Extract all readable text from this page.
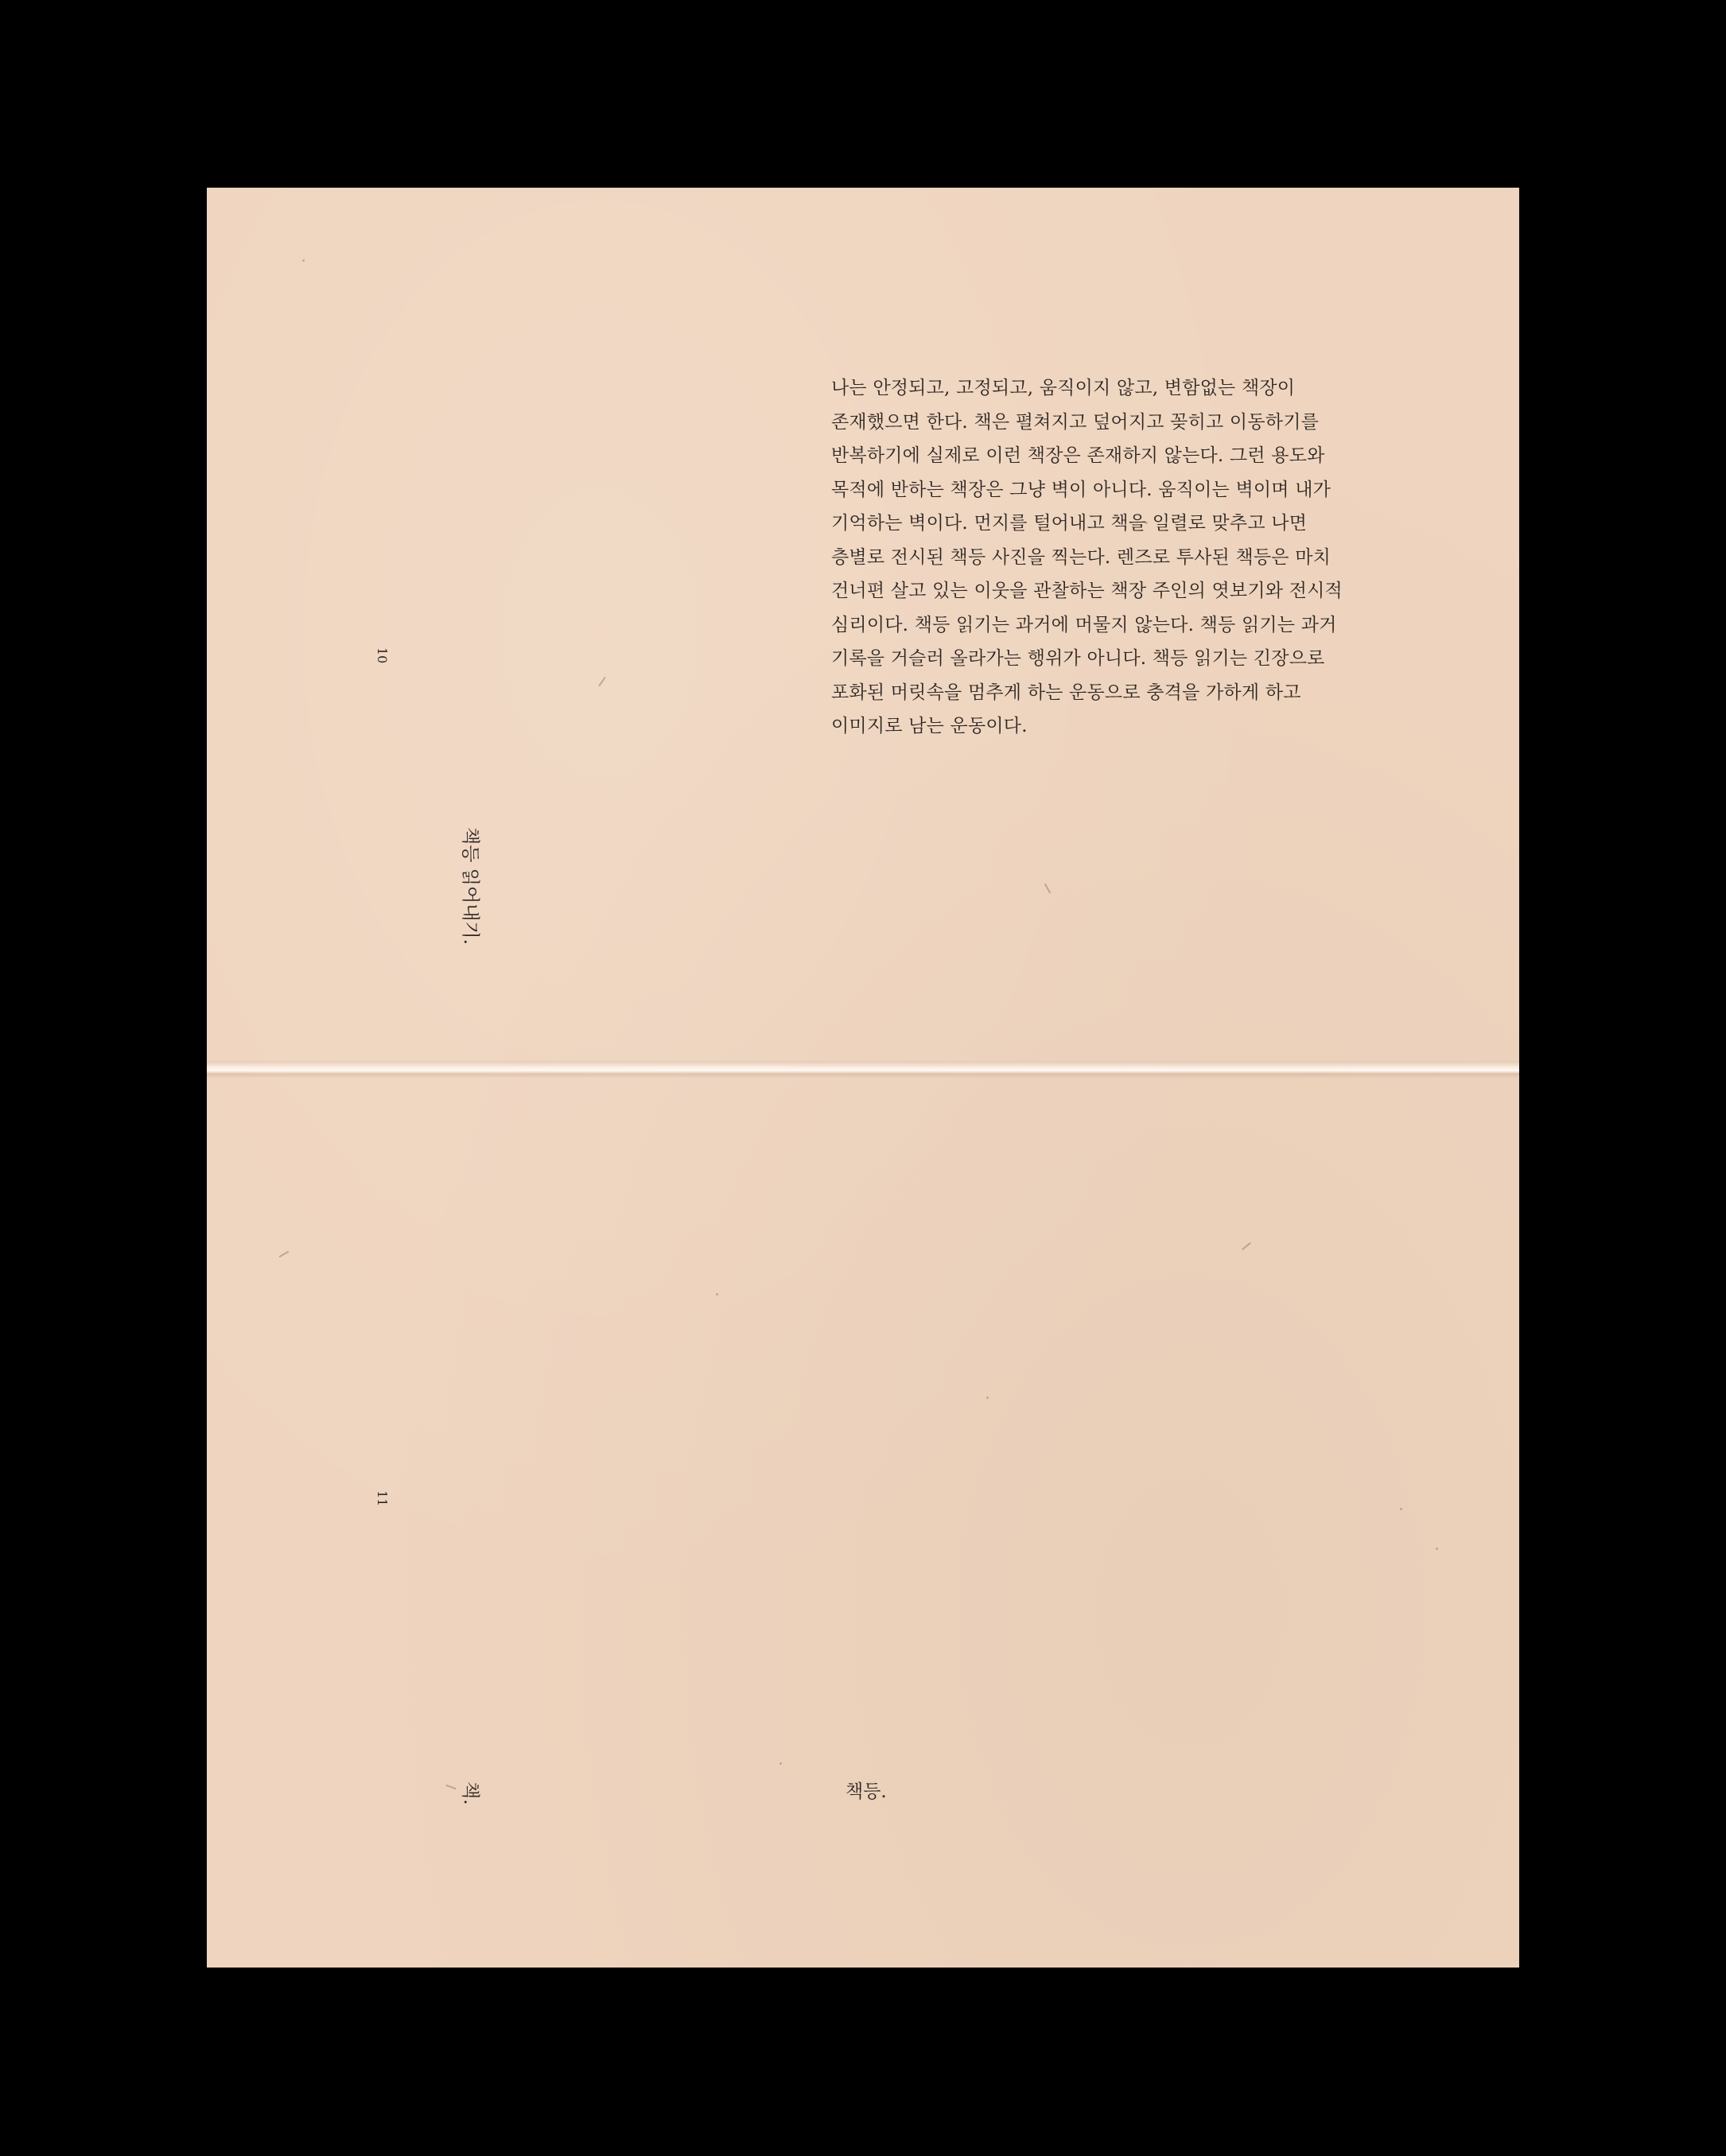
나는 안정되고, 고정되고, 움직이지 않고, 변함없는 책장이
존재했으면 한다. 책은 펼쳐지고 덮어지고 꽂히고 이동하기를
반복하기에 실제로 이런 책장은 존재하지 않는다. 그런 용도와
목적에 반하는 책장은 그냥 벽이 아니다. 움직이는 벽이며 내가
기억하는 벽이다. 먼지를 털어내고 책을 일렬로 맞추고 나면
층별로 전시된 책등 사진을 찍는다. 렌즈로 투사된 책등은 마치
건너편 살고 있는 이웃을 관찰하는 책장 주인의 엿보기와 전시적
심리이다. 책등 읽기는 과거에 머물지 않는다. 책등 읽기는 과거
기록을 거슬러 올라가는 행위가 아니다. 책등 읽기는 긴장으로
포화된 머릿속을 멈추게 하는 운동으로 충격을 가하게 하고
이미지로 남는 운동이다.
10
11
책등 읽어내기.
책.	책등.
